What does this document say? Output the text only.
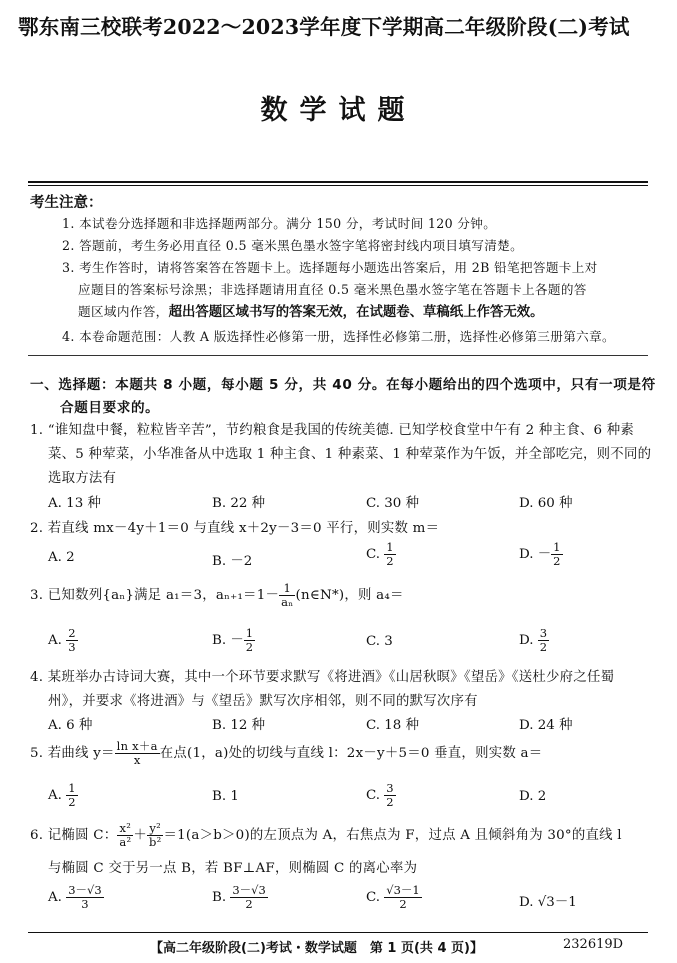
鄂东南三校联考2022～2023学年度下学期高二年级阶段(二)考试
数学试题
考生注意：
1. 本试卷分选择题和非选择题两部分。满分 150 分，考试时间 120 分钟。
2. 答题前，考生务必用直径 0.5 毫米黑色墨水签字笔将密封线内项目填写清楚。
3. 考生作答时，请将答案答在答题卡上。选择题每小题选出答案后，用 2B 铅笔把答题卡上对
应题目的答案标号涂黑；非选择题请用直径 0.5 毫米黑色墨水签字笔在答题卡上各题的答
题区域内作答，超出答题区域书写的答案无效，在试题卷、草稿纸上作答无效。
4. 本卷命题范围：人教 A 版选择性必修第一册，选择性必修第二册，选择性必修第三册第六章。
一、选择题：本题共 8 小题，每小题 5 分，共 40 分。在每小题给出的四个选项中，只有一项是符
合题目要求的。
1. “谁知盘中餐，粒粒皆辛苦”，节约粮食是我国的传统美德. 已知学校食堂中午有 2 种主食、6 种素
菜、5 种荤菜，小华准备从中选取 1 种主食、1 种素菜、1 种荤菜作为午饭，并全部吃完，则不同的
选取方法有
A. 13 种	B. 22 种	C. 30 种	D. 60 种
2. 若直线 mx－4y＋1＝0 与直线 x＋2y－3＝0 平行，则实数 m＝
A. 2	B. －2	C. $\frac{1}{2}$	D. － $\frac{1}{2}$
3. 已知数列{aₙ}满足 a₁＝3，$a_{n+1}=1- \frac{1}{\text{aₙ}}$ (n∈N*)，则 a₄＝
A. $\frac{2}{3}$	B. － $\frac{1}{2}$	C. 3	D. $\frac{3}{2}$
4. 某班举办古诗词大赛，其中一个环节要求默写《将进酒》《山居秋暝》《望岳》《送杜少府之任蜀
州》，并要求《将进酒》与《望岳》默写次序相邻，则不同的默写次序有
A. 6 种	B. 12 种	C. 18 种	D. 24 种
5. 若曲线 $y= \frac{\text{ln x＋a}}{x}$ 在点(1，a)处的切线与直线 l：2x－y＋5＝0 垂直，则实数 a＝
A. $\frac{1}{2}$	B. 1	C. $\frac{3}{2}$	D. 2
6. 记椭圆 C： $\frac{\text{x²}}{\text{a²}} + \frac{\text{y²}}{\text{b²}} =1(a>b>0)$的左顶点为 A，右焦点为 F，过点 A 且倾斜角为 30°的直线 l
与椭圆 C 交于另一点 B，若 BF⊥AF，则椭圆 C 的离心率为
A. $\frac{3-√3}{3}$	B. $\frac{3-√3}{2}$	C. $\frac{√3-1}{2}$	D. √3－1
【高二年级阶段(二)考试・数学试题　第 1 页(共 4 页)】	232619D
